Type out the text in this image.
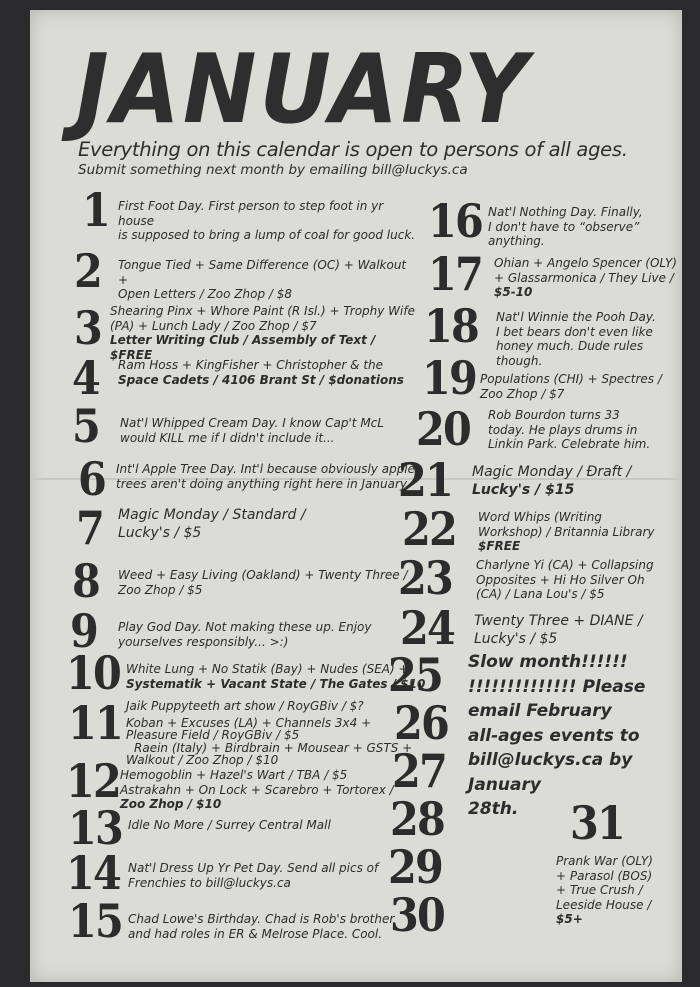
JANUARY
Everything on this calendar is open to persons of all ages.
Submit something next month by emailing bill@luckys.ca
1 First Foot Day. First person to step foot in yr house
is supposed to bring a lump of coal for good luck.
2 Tongue Tied + Same Difference (OC) + Walkout +
Open Letters / Zoo Zhop / $8
3 Shearing Pinx + Whore Paint (R Isl.) + Trophy Wife
(PA) + Lunch Lady / Zoo Zhop / $7
Letter Writing Club / Assembly of Text / $FREE
4 Ram Hoss + KingFisher + Christopher & the
Space Cadets / 4106 Brant St / $donations
5 Nat'l Whipped Cream Day. I know Cap't McL
would KILL me if I didn't include it...
6 Int'l Apple Tree Day. Int'l because obviously apple
trees aren't doing anything right here in January.
7 Magic Monday / Standard /
Lucky's / $5
8 Weed + Easy Living (Oakland) + Twenty Three /
Zoo Zhop / $5
9 Play God Day. Not making these up. Enjoy
yourselves responsibly... >:)
10 White Lung + No Statik (Bay) + Nudes (SEA) +
Systematik + Vacant State / The Gates / $10
11 Jaik Puppyteeth art show / RoyGBiv / $?
Koban + Excuses (LA) + Channels 3x4 +
Pleasure Field / RoyGBiv / $5
Raein (Italy) + Birdbrain + Mousear + GSTS +
Walkout / Zoo Zhop / $10
12 Hemogoblin + Hazel's Wart / TBA / $5
Astrakahn + On Lock + Scarebro + Tortorex /
Zoo Zhop / $10
13 Idle No More / Surrey Central Mall
14 Nat'l Dress Up Yr Pet Day. Send all pics of
Frenchies to bill@luckys.ca
15 Chad Lowe's Birthday. Chad is Rob's brother
and had roles in ER & Melrose Place. Cool.
16 Nat'l Nothing Day. Finally,
I don't have to “observe”
anything.
17 Ohian + Angelo Spencer (OLY)
+ Glassarmonica / They Live /
$5-10
18 Nat'l Winnie the Pooh Day.
I bet bears don't even like
honey much. Dude rules
though.
19 Populations (CHI) + Spectres /
Zoo Zhop / $7
20 Rob Bourdon turns 33
today. He plays drums in
Linkin Park. Celebrate him.
21 Magic Monday / Đraft /
Lucky's / $15
22 Word Whips (Writing
Workshop) / Britannia Library
$FREE
23 Charlyne Yi (CA) + Collapsing
Opposites + Hi Ho Silver Oh
(CA) / Lana Lou's / $5
24 Twenty Three + DIANE /
Lucky's / $5
25
26
27
28
29
30
Slow month!!!!!!
!!!!!!!!!!!!!! Please
email February
all-ages events to
bill@luckys.ca by
January
28th.	31
Prank War (OLY)
+ Parasol (BOS)
+ True Crush /
Leeside House /
$5+
